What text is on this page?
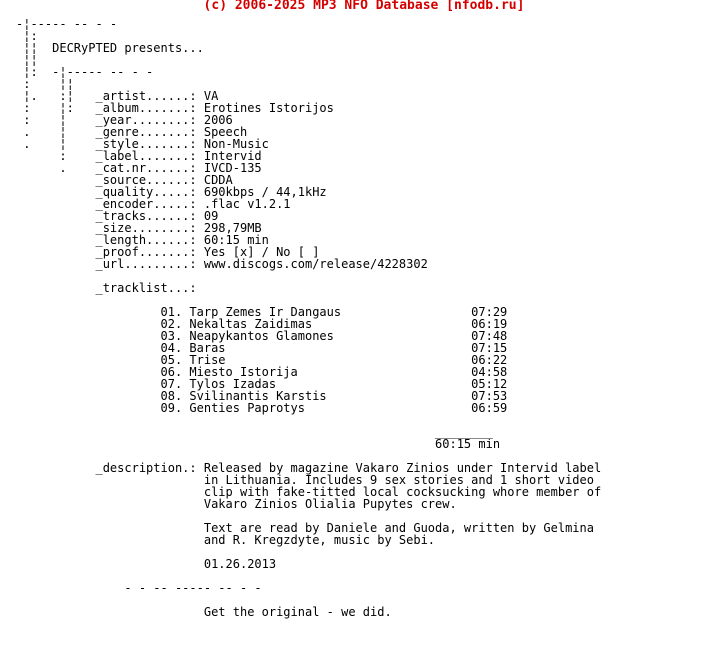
(c) 2006-2025 MP3 NFO Database [nfodb.ru]
-¦----- -- - -
¦:
¦¦  DECRyPTED presents...
¦¦
¦:  -¦----- -- - -
:    ¦¦
¦.   :¦   _artist......: VA
:    ¦:   _album.......: Erotines Istorijos
:    ¦    _year........: 2006
.    ¦    _genre.......: Speech
.    ¦    _style.......: Non-Music
:    _label.......: Intervid
.    _cat.nr......: IVCD-135
_source......: CDDA
_quality.....: 690kbps / 44,1kHz
_encoder.....: .flac v1.2.1
_tracks......: 09
_size........: 298,79MB
_length......: 60:15 min
_proof.......: Yes [x] / No [ ]
_url.........: www.discogs.com/release/4228302
_tracklist...:
01. Tarp Zemes Ir Dangaus                  07:29
02. Nekaltas Zaidimas                      06:19
03. Neapykantos Glamones                   07:48
04. Baras                                  07:15
05. Trise                                  06:22
06. Miesto Istorija                        04:58
07. Tylos Izadas                           05:12
08. Svilinantis Karstis                    07:53
09. Genties Paprotys                       06:59
________
60:15 min
_description.: Released by magazine Vakaro Zinios under Intervid label
in Lithuania. Includes 9 sex stories and 1 short video
clip with fake-titted local cocksucking whore member of
Vakaro Zinios Olialia Pupytes crew.
Text are read by Daniele and Guoda, written by Gelmina
and R. Kregzdyte, music by Sebi.
01.26.2013
- - -- ----- -- - -
Get the original - we did.
